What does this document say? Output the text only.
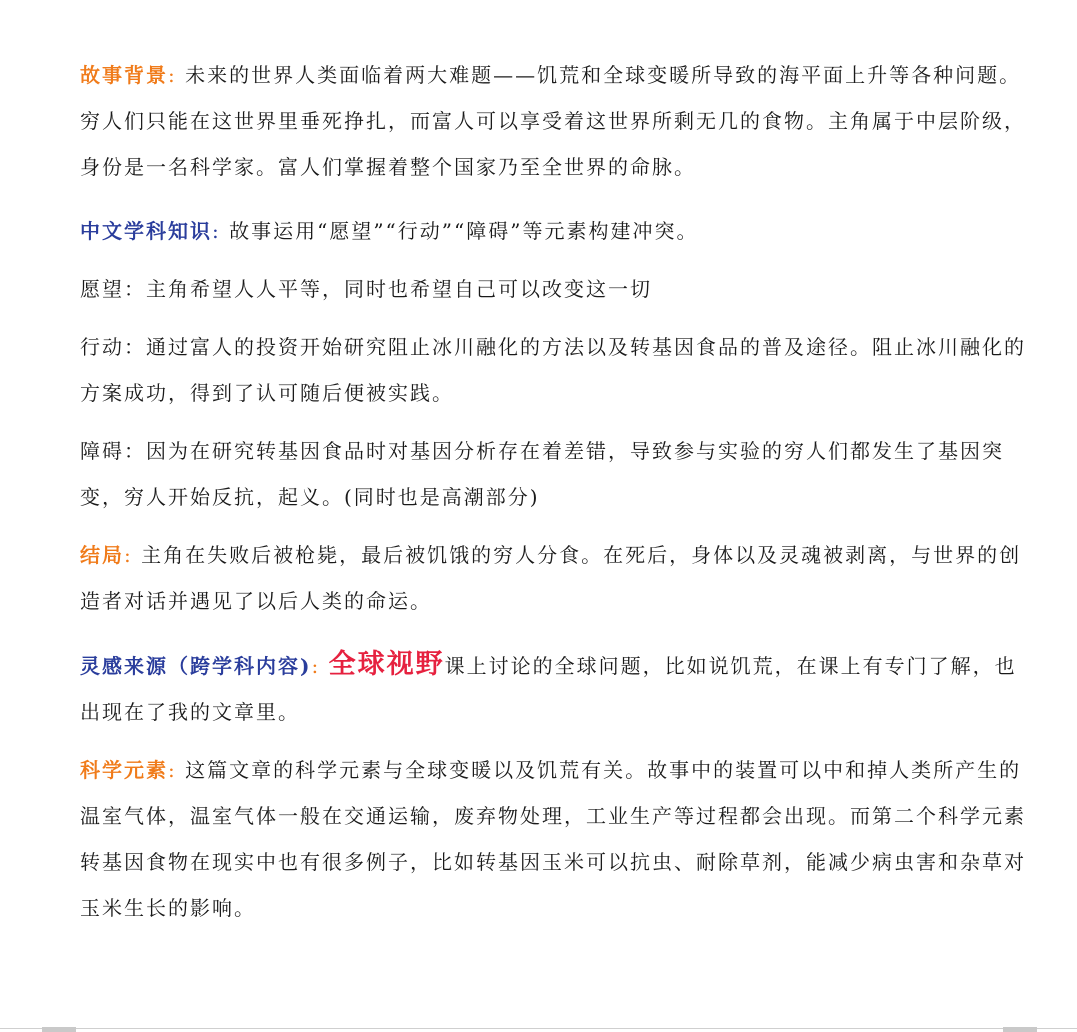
故事背景: 未来的世界人类面临着两大难题——饥荒和全球变暖所导致的海平面上升等各种问题。穷人们只能在这世界里垂死挣扎，而富人可以享受着这世界所剩无几的食物。主角属于中层阶级，身份是一名科学家。富人们掌握着整个国家乃至全世界的命脉。

中文学科知识: 故事运用“愿望”“行动”“障碍”等元素构建冲突。

愿望：主角希望人人平等，同时也希望自己可以改变这一切

行动：通过富人的投资开始研究阻止冰川融化的方法以及转基因食品的普及途径。阻止冰川融化的方案成功，得到了认可随后便被实践。

障碍：因为在研究转基因食品时对基因分析存在着差错，导致参与实验的穷人们都发生了基因突变，穷人开始反抗，起义。(同时也是高潮部分)

结局: 主角在失败后被枪毙，最后被饥饿的穷人分食。在死后，身体以及灵魂被剥离，与世界的创造者对话并遇见了以后人类的命运。

灵感来源（跨学科内容): 全球视野课上讨论的全球问题，比如说饥荒，在课上有专门了解，也出现在了我的文章里。

科学元素: 这篇文章的科学元素与全球变暖以及饥荒有关。故事中的装置可以中和掉人类所产生的温室气体，温室气体一般在交通运输，废弃物处理，工业生产等过程都会出现。而第二个科学元素转基因食物在现实中也有很多例子，比如转基因玉米可以抗虫、耐除草剂，能减少病虫害和杂草对玉米生长的影响。
